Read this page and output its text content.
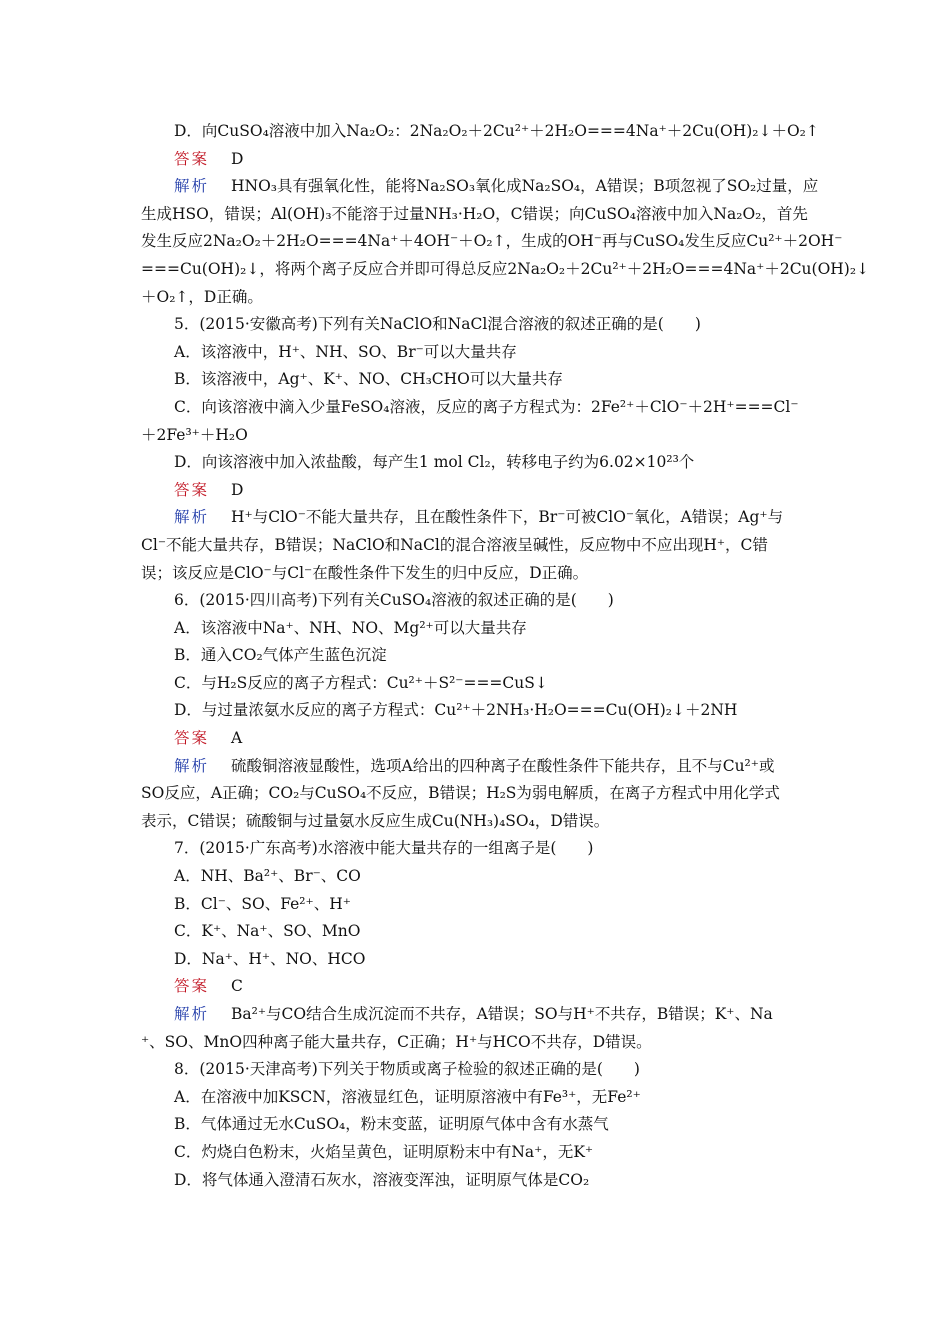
D．向CuSO₄溶液中加入Na₂O₂：2Na₂O₂＋2Cu²⁺＋2H₂O===4Na⁺＋2Cu(OH)₂↓＋O₂↑
答案 D
解析 HNO₃具有强氧化性，能将Na₂SO₃氧化成Na₂SO₄，A错误；B项忽视了SO₂过量，应
生成HSO，错误；Al(OH)₃不能溶于过量NH₃·H₂O，C错误；向CuSO₄溶液中加入Na₂O₂，首先
发生反应2Na₂O₂＋2H₂O===4Na⁺＋4OH⁻＋O₂↑，生成的OH⁻再与CuSO₄发生反应Cu²⁺＋2OH⁻
===Cu(OH)₂↓，将两个离子反应合并即可得总反应2Na₂O₂＋2Cu²⁺＋2H₂O===4Na⁺＋2Cu(OH)₂↓
＋O₂↑，D正确。
5．(2015·安徽高考)下列有关NaClO和NaCl混合溶液的叙述正确的是(　　)
A．该溶液中，H⁺、NH、SO、Br⁻可以大量共存
B．该溶液中，Ag⁺、K⁺、NO、CH₃CHO可以大量共存
C．向该溶液中滴入少量FeSO₄溶液，反应的离子方程式为：2Fe²⁺＋ClO⁻＋2H⁺===Cl⁻
＋2Fe³⁺＋H₂O
D．向该溶液中加入浓盐酸，每产生1 mol Cl₂，转移电子约为6.02×10²³个
答案 D
解析 H⁺与ClO⁻不能大量共存，且在酸性条件下，Br⁻可被ClO⁻氧化，A错误；Ag⁺与
Cl⁻不能大量共存，B错误；NaClO和NaCl的混合溶液呈碱性，反应物中不应出现H⁺，C错
误；该反应是ClO⁻与Cl⁻在酸性条件下发生的归中反应，D正确。
6．(2015·四川高考)下列有关CuSO₄溶液的叙述正确的是(　　)
A．该溶液中Na⁺、NH、NO、Mg²⁺可以大量共存
B．通入CO₂气体产生蓝色沉淀
C．与H₂S反应的离子方程式：Cu²⁺＋S²⁻===CuS↓
D．与过量浓氨水反应的离子方程式：Cu²⁺＋2NH₃·H₂O===Cu(OH)₂↓＋2NH
答案 A
解析 硫酸铜溶液显酸性，选项A给出的四种离子在酸性条件下能共存，且不与Cu²⁺或
SO反应，A正确；CO₂与CuSO₄不反应，B错误；H₂S为弱电解质，在离子方程式中用化学式
表示，C错误；硫酸铜与过量氨水反应生成Cu(NH₃)₄SO₄，D错误。
7．(2015·广东高考)水溶液中能大量共存的一组离子是(　　)
A．NH、Ba²⁺、Br⁻、CO
B．Cl⁻、SO、Fe²⁺、H⁺
C．K⁺、Na⁺、SO、MnO
D．Na⁺、H⁺、NO、HCO
答案 C
解析 Ba²⁺与CO结合生成沉淀而不共存，A错误；SO与H⁺不共存，B错误；K⁺、Na
⁺、SO、MnO四种离子能大量共存，C正确；H⁺与HCO不共存，D错误。
8．(2015·天津高考)下列关于物质或离子检验的叙述正确的是(　　)
A．在溶液中加KSCN，溶液显红色，证明原溶液中有Fe³⁺，无Fe²⁺
B．气体通过无水CuSO₄，粉末变蓝，证明原气体中含有水蒸气
C．灼烧白色粉末，火焰呈黄色，证明原粉末中有Na⁺，无K⁺
D．将气体通入澄清石灰水，溶液变浑浊，证明原气体是CO₂
